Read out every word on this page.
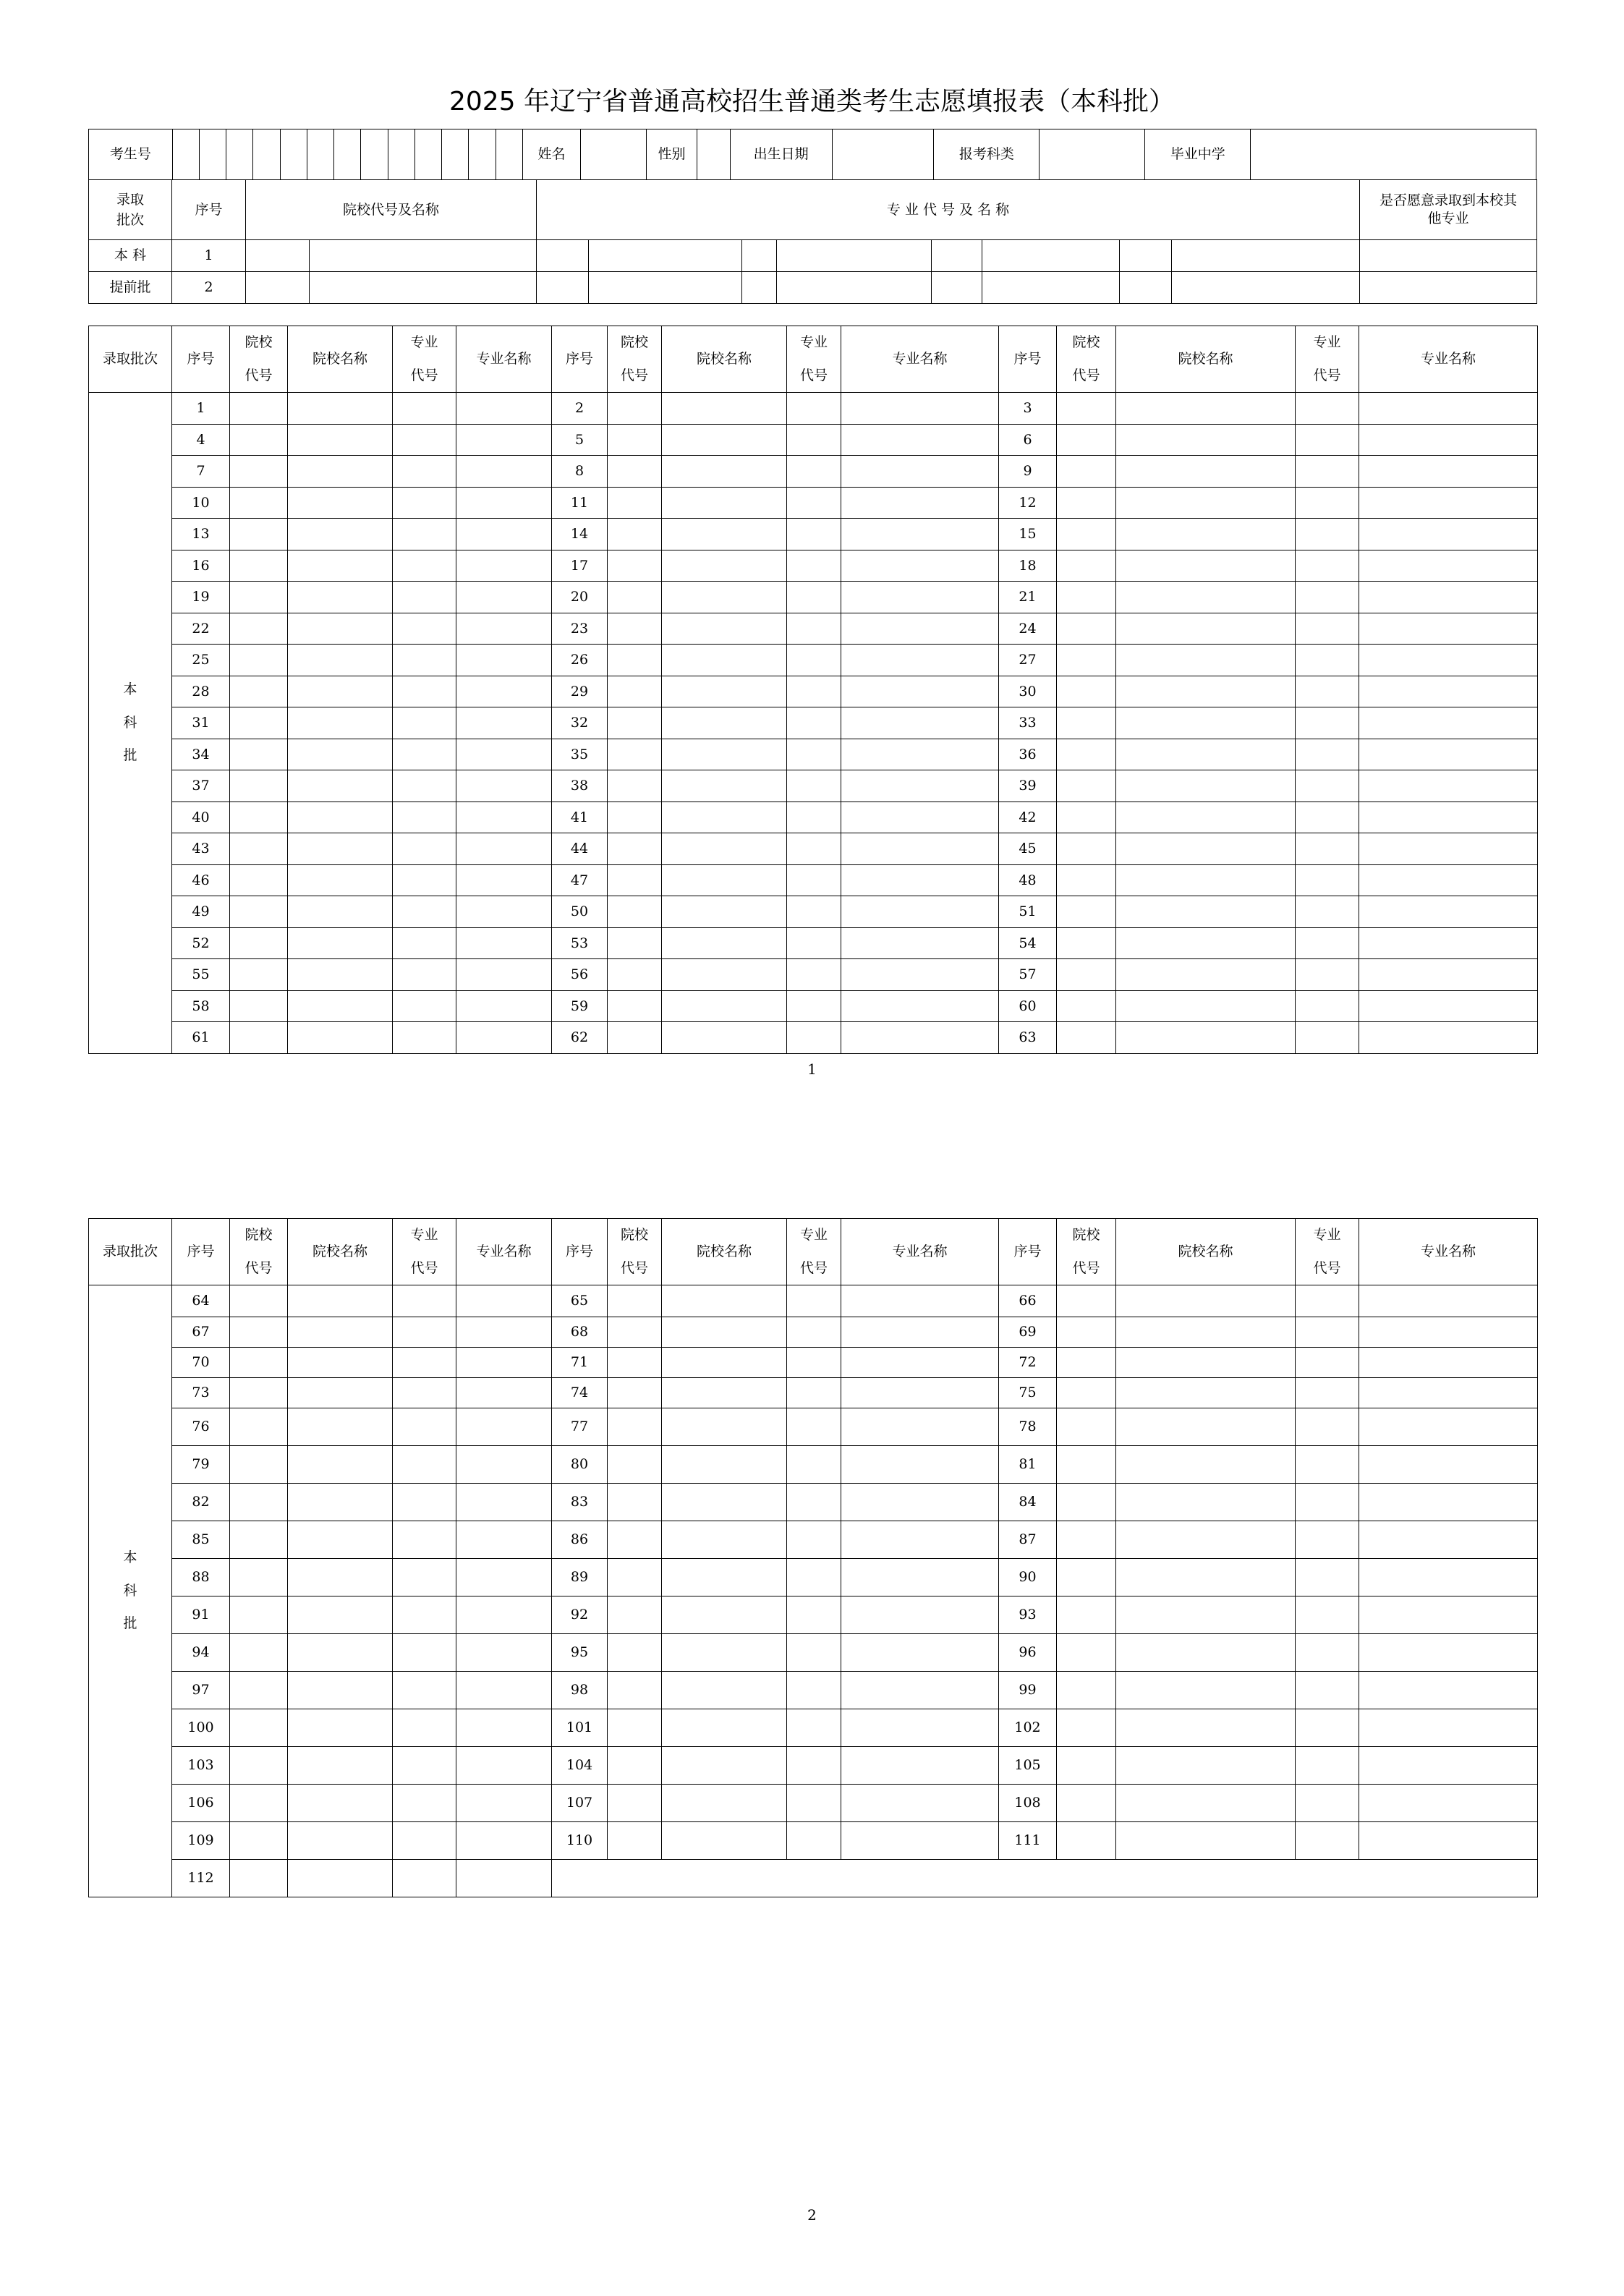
2025 年辽宁省普通高校招生普通类考生志愿填报表（本科批）
考生号														姓名		性别		出生日期		报考科类		毕业中学	
录取批次	序号	院校代号及名称		专 业 代 号 及 名 称								是否愿意录取到本校其他专业
本 科	1											
提前批	2											
录取批次	序号	院校代号	院校名称	专业代号	专业名称	序号	院校代号	院校名称	专业代号	专业名称	序号	院校代号	院校名称	专业代号	专业名称
本科批	1					2					3				
	4					5					6				
	7					8					9				
	10					11					12				
	13					14					15				
	16					17					18				
	19					20					21				
	22					23					24				
	25					26					27				
	28					29					30				
	31					32					33				
	34					35					36				
	37					38					39				
	40					41					42				
	43					44					45				
	46					47					48				
	49					50					51				
	52					53					54				
	55					56					57				
	58					59					60				
	61					62					63				
1
录取批次	序号	院校代号	院校名称	专业代号	专业名称	序号	院校代号	院校名称	专业代号	专业名称	序号	院校代号	院校名称	专业代号	专业名称
本科批	64					65					66				
	67					68					69				
	70					71					72				
	73					74					75				
	76					77					78				
	79					80					81				
	82					83					84				
	85					86					87				
	88					89					90				
	91					92					93				
	94					95					96				
	97					98					99				
	100					101					102				
	103					104					105				
	106					107					108				
	109					110					111				
	112														
2
